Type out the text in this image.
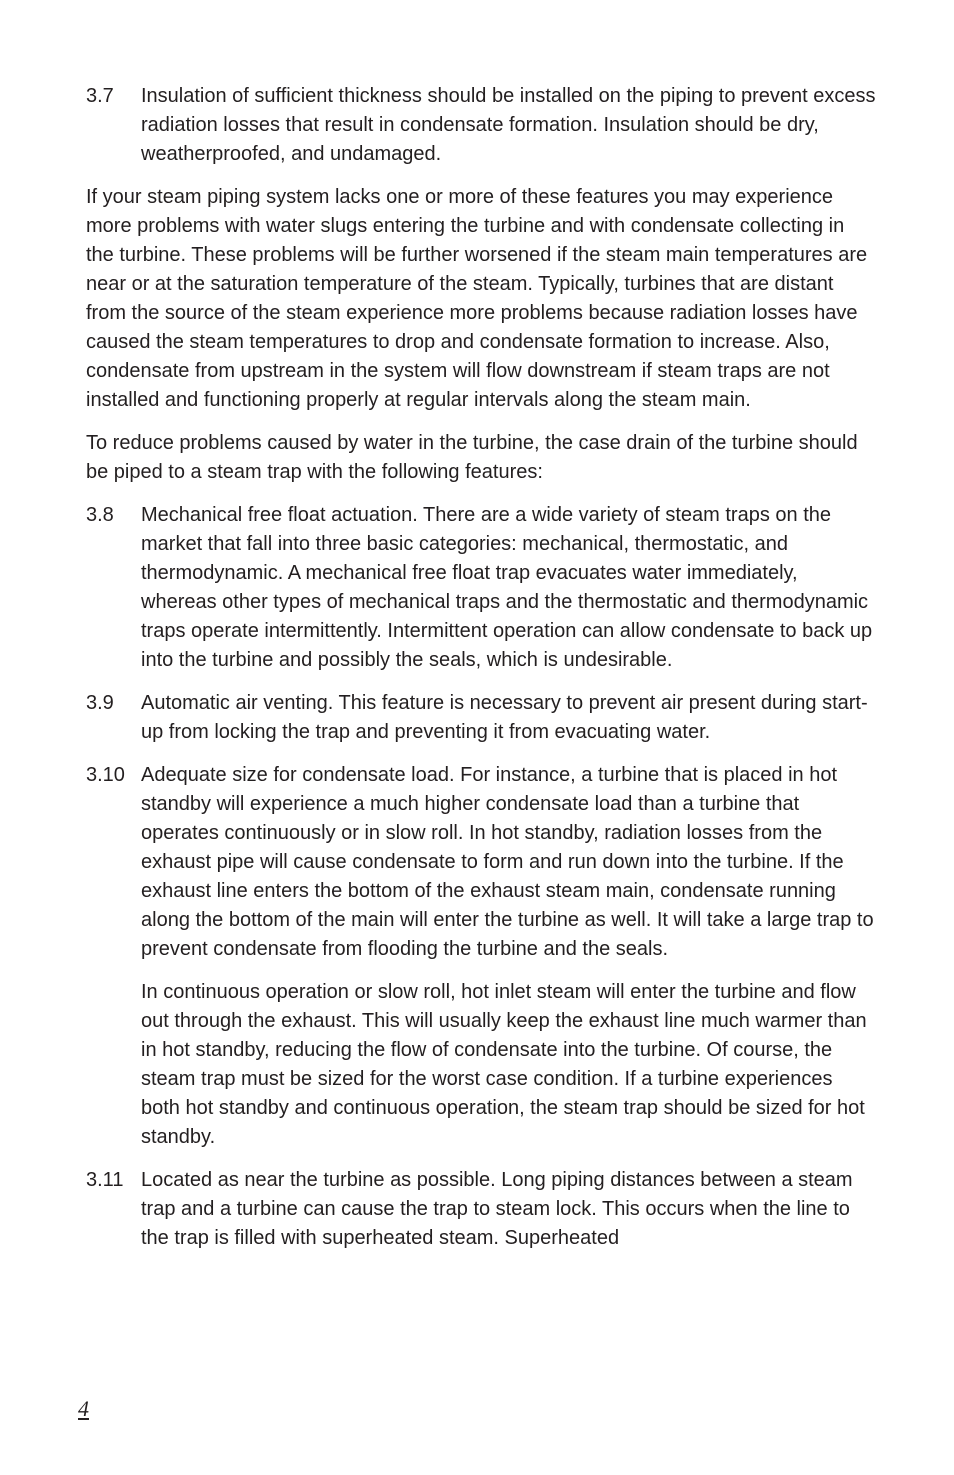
3.7	Insulation of sufficient thickness should be installed on the piping to prevent excess radiation losses that result in condensate formation. Insulation should be dry, weatherproofed, and undamaged.

If your steam piping system lacks one or more of these features you may experience more problems with water slugs entering the turbine and with condensate collecting in the turbine. These problems will be further worsened if the steam main temperatures are near or at the saturation temperature of the steam. Typically, turbines that are distant from the source of the steam experience more problems because radiation losses have caused the steam temperatures to drop and condensate formation to increase. Also, condensate from upstream in the system will flow downstream if steam traps are not installed and functioning properly at regular intervals along the steam main.

To reduce problems caused by water in the turbine, the case drain of the turbine should be piped to a steam trap with the following features:

3.8	Mechanical free float actuation. There are a wide variety of steam traps on the market that fall into three basic categories: mechanical, thermostatic, and thermodynamic. A mechanical free float trap evacuates water immediately, whereas other types of mechanical traps and the thermostatic and thermodynamic traps operate intermittently. Intermittent operation can allow condensate to back up into the turbine and possibly the seals, which is undesirable.
3.9	Automatic air venting. This feature is necessary to prevent air present during start-up from locking the trap and preventing it from evacuating water.
3.10 Adequate size for condensate load. For instance, a turbine that is placed in hot standby will experience a much higher condensate load than a turbine that operates continuously or in slow roll. In hot standby, radiation losses from the exhaust pipe will cause condensate to form and run down into the turbine. If the exhaust line enters the bottom of the exhaust steam main, condensate running along the bottom of the main will enter the turbine as well. It will take a large trap to prevent condensate from flooding the turbine and the seals.

In continuous operation or slow roll, hot inlet steam will enter the turbine and flow out through the exhaust. This will usually keep the exhaust line much warmer than in hot standby, reducing the flow of condensate into the turbine. Of course, the steam trap must be sized for the worst case condition. If a turbine experiences both hot standby and continuous operation, the steam trap should be sized for hot standby.

3.11 Located as near the turbine as possible. Long piping distances between a steam trap and a turbine can cause the trap to steam lock. This occurs when the line to the trap is filled with superheated steam. Superheated
4
